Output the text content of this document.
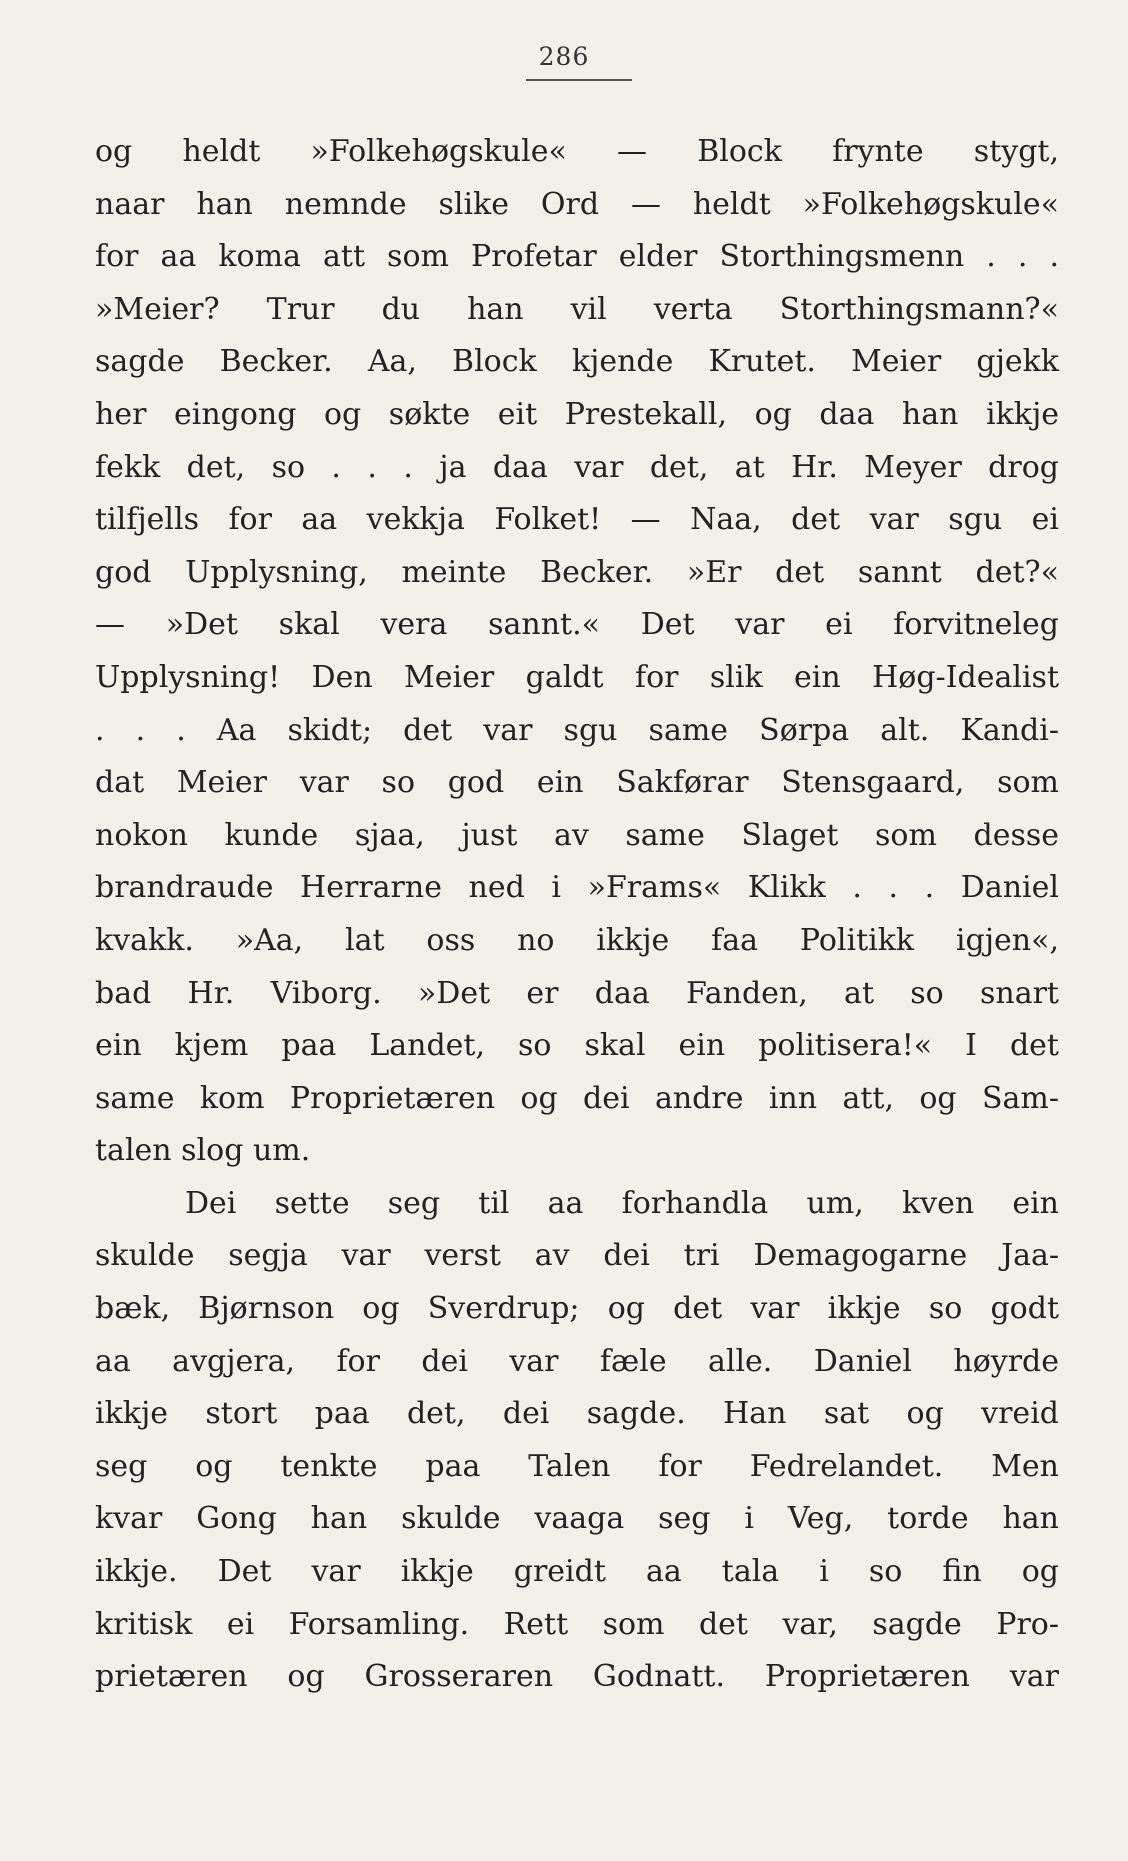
286
og heldt »Folkehøgskule« — Block frynte stygt,
naar han nemnde slike Ord — heldt »Folkehøgskule«
for aa koma att som Profetar elder Storthingsmenn . . .
»Meier? Trur du han vil verta Storthingsmann?«
sagde Becker. Aa, Block kjende Krutet. Meier gjekk
her eingong og søkte eit Prestekall, og daa han ikkje
fekk det, so . . . ja daa var det, at Hr. Meyer drog
tilfjells for aa vekkja Folket! — Naa, det var sgu ei
god Upplysning, meinte Becker. »Er det sannt det?«
— »Det skal vera sannt.« Det var ei forvitneleg
Upplysning! Den Meier galdt for slik ein Høg-Idealist
. . . Aa skidt; det var sgu same Sørpa alt. Kandi-
dat Meier var so god ein Sakførar Stensgaard, som
nokon kunde sjaa, just av same Slaget som desse
brandraude Herrarne ned i »Frams« Klikk . . . Daniel
kvakk. »Aa, lat oss no ikkje faa Politikk igjen«,
bad Hr. Viborg. »Det er daa Fanden, at so snart
ein kjem paa Landet, so skal ein politisera!« I det
same kom Proprietæren og dei andre inn att, og Sam-
talen slog um.
Dei sette seg til aa forhandla um, kven ein
skulde segja var verst av dei tri Demagogarne Jaa-
bæk, Bjørnson og Sverdrup; og det var ikkje so godt
aa avgjera, for dei var fæle alle. Daniel høyrde
ikkje stort paa det, dei sagde. Han sat og vreid
seg og tenkte paa Talen for Fedrelandet. Men
kvar Gong han skulde vaaga seg i Veg, torde han
ikkje. Det var ikkje greidt aa tala i so fin og
kritisk ei Forsamling. Rett som det var, sagde Pro-
prietæren og Grosseraren Godnatt. Proprietæren var
